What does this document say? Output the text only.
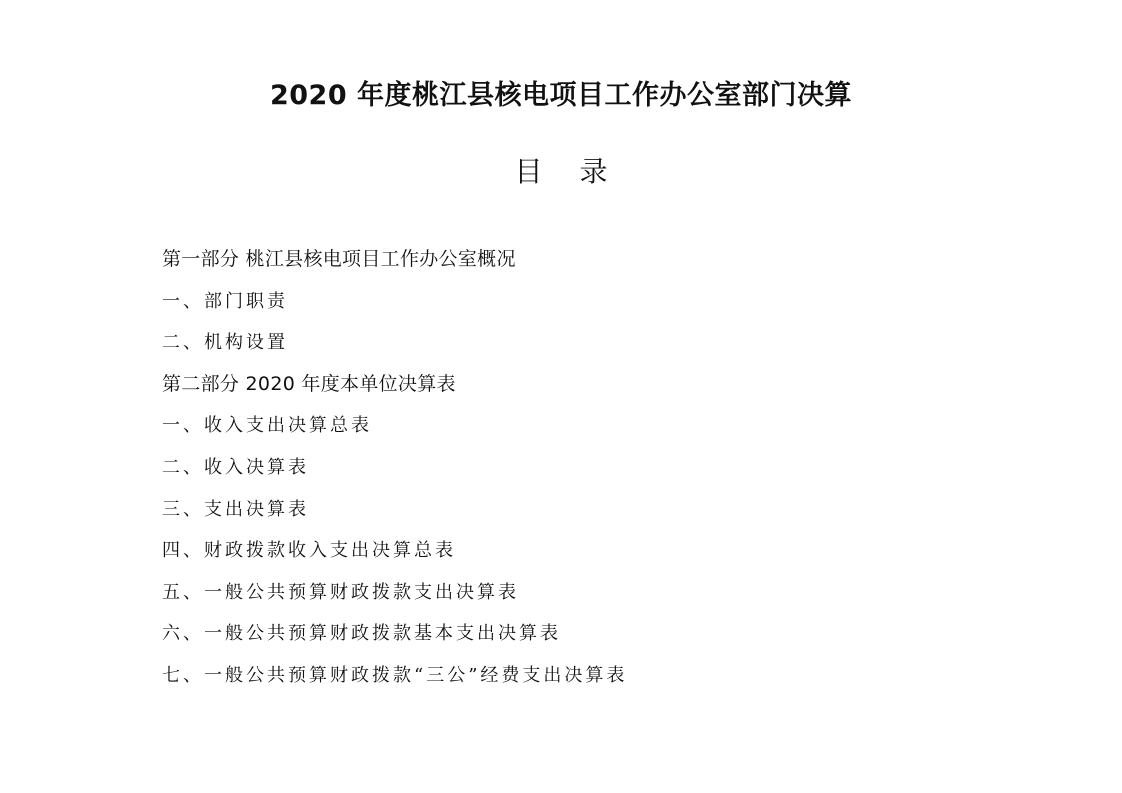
2020 年度桃江县核电项目工作办公室部门决算
目 录
第一部分 桃江县核电项目工作办公室概况
一、部门职责
二、机构设置
第二部分 2020 年度本单位决算表
一、收入支出决算总表
二、收入决算表
三、支出决算表
四、财政拨款收入支出决算总表
五、一般公共预算财政拨款支出决算表
六、一般公共预算财政拨款基本支出决算表
七、一般公共预算财政拨款“三公”经费支出决算表
